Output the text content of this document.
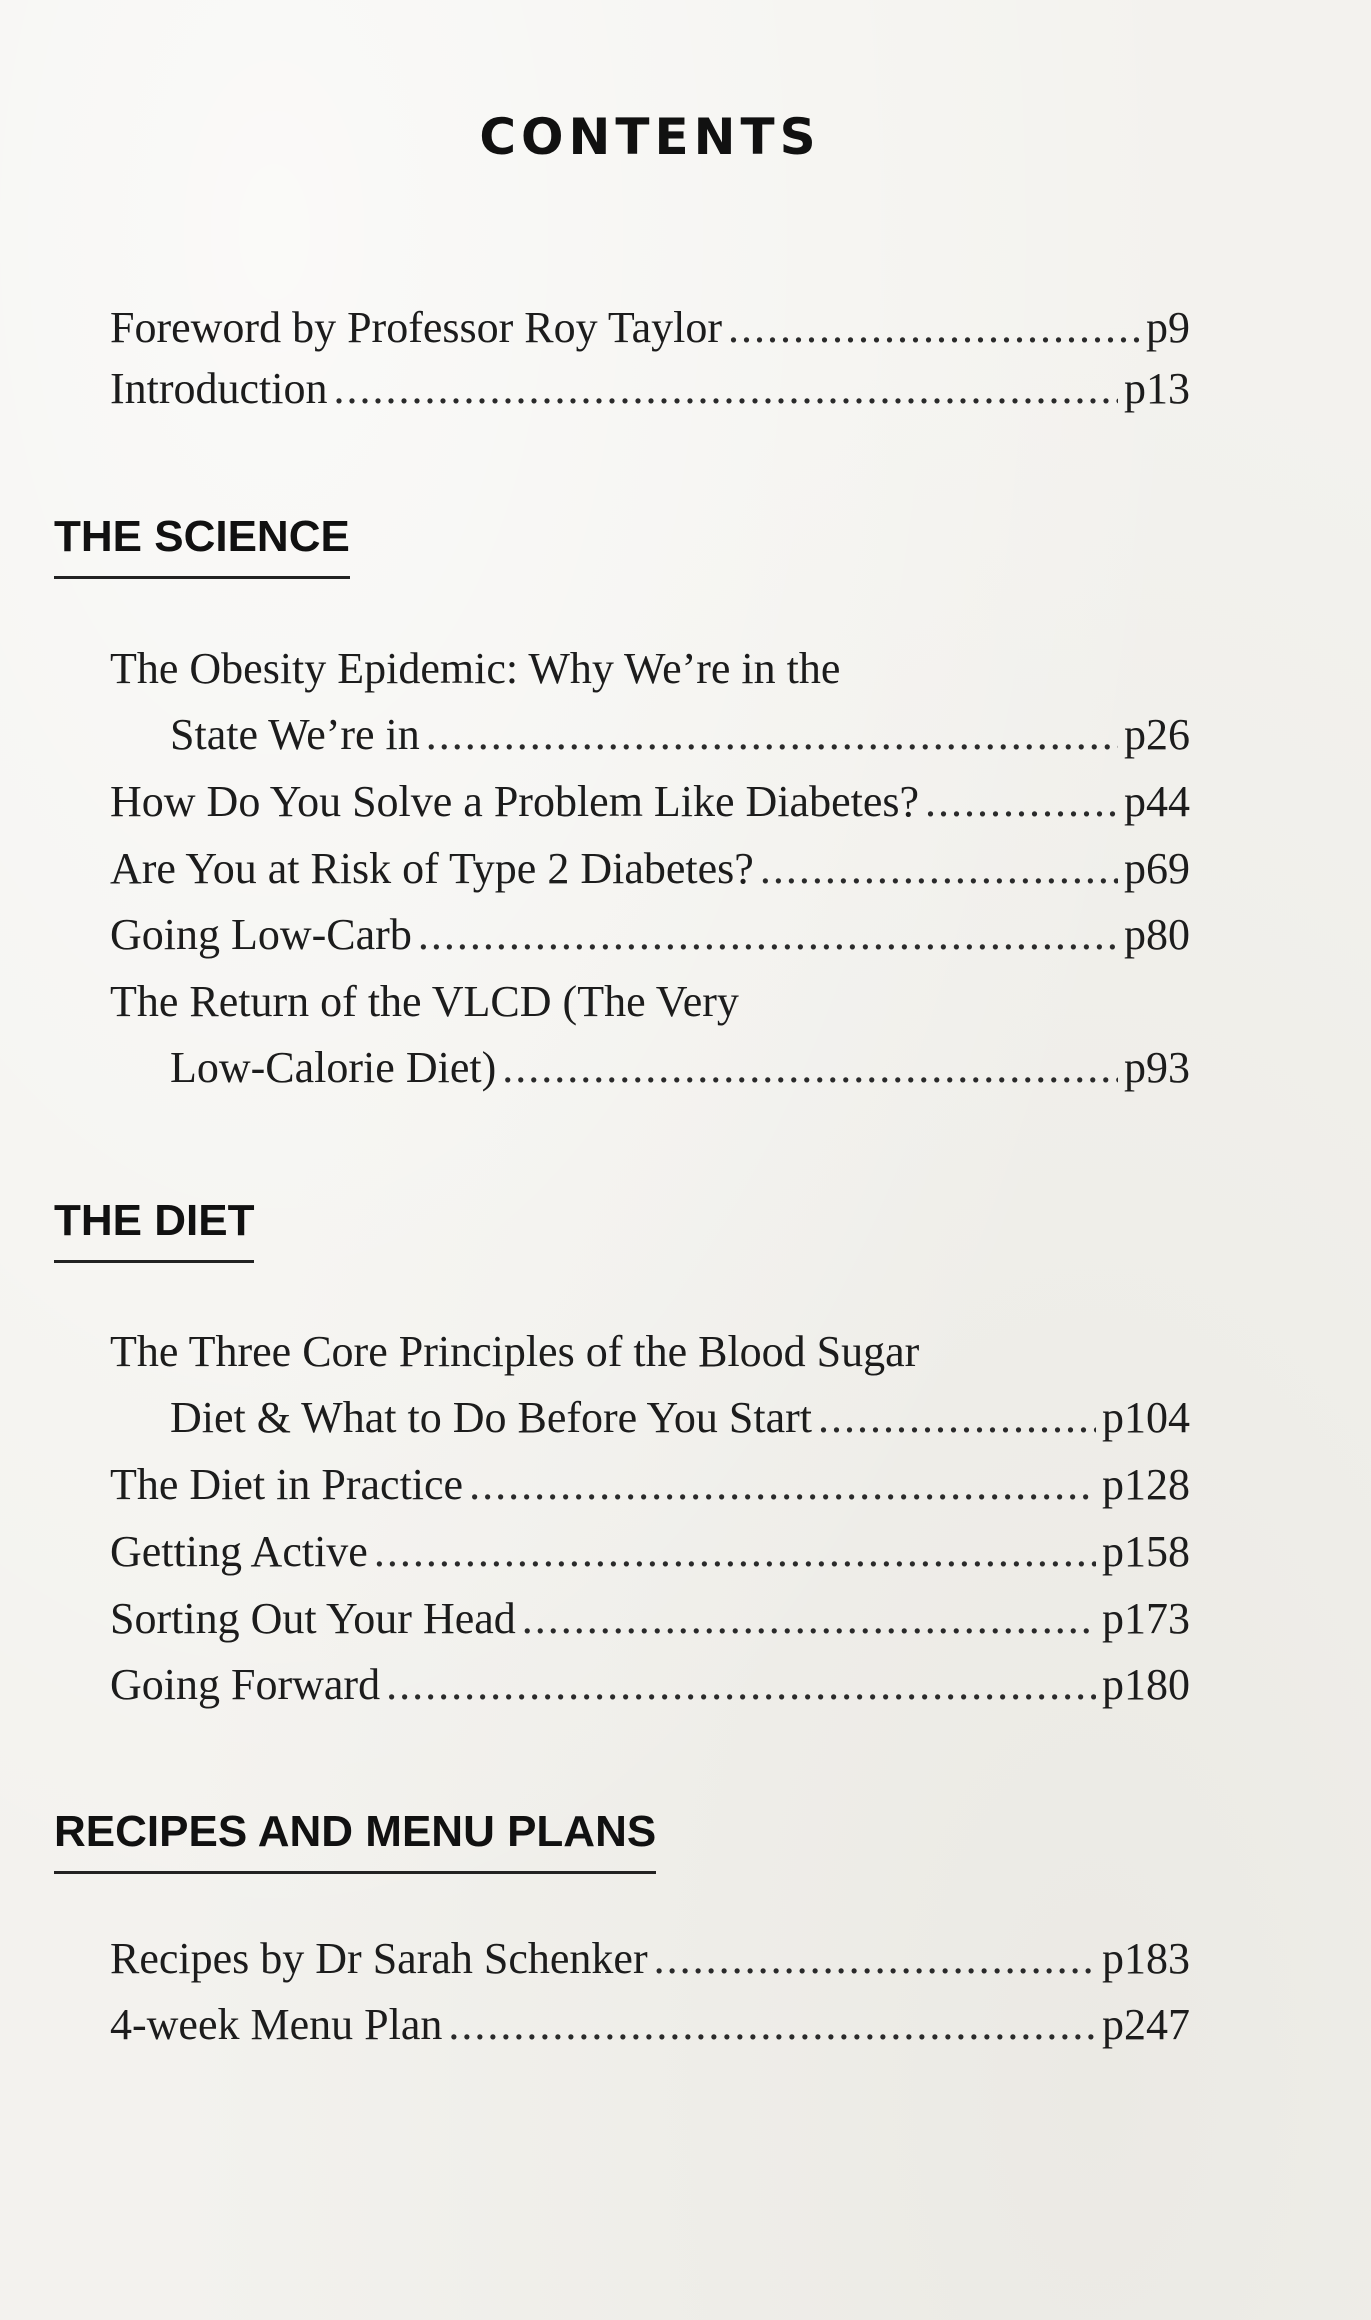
CONTENTS
Foreword by Professor Roy Taylor .....	p9
Introduction .....	p13
THE SCIENCE
The Obesity Epidemic: Why We’re in the
State We’re in .....	p26
How Do You Solve a Problem Like Diabetes? .....	p44
Are You at Risk of Type 2 Diabetes? .....	p69
Going Low-Carb .....	p80
The Return of the VLCD (The Very
Low-Calorie Diet) .....	p93
THE DIET
The Three Core Principles of the Blood Sugar
Diet & What to Do Before You Start .....	p104
The Diet in Practice .....	p128
Getting Active .....	p158
Sorting Out Your Head .....	p173
Going Forward .....	p180
RECIPES AND MENU PLANS
Recipes by Dr Sarah Schenker .....	p183
4-week Menu Plan .....	p247
